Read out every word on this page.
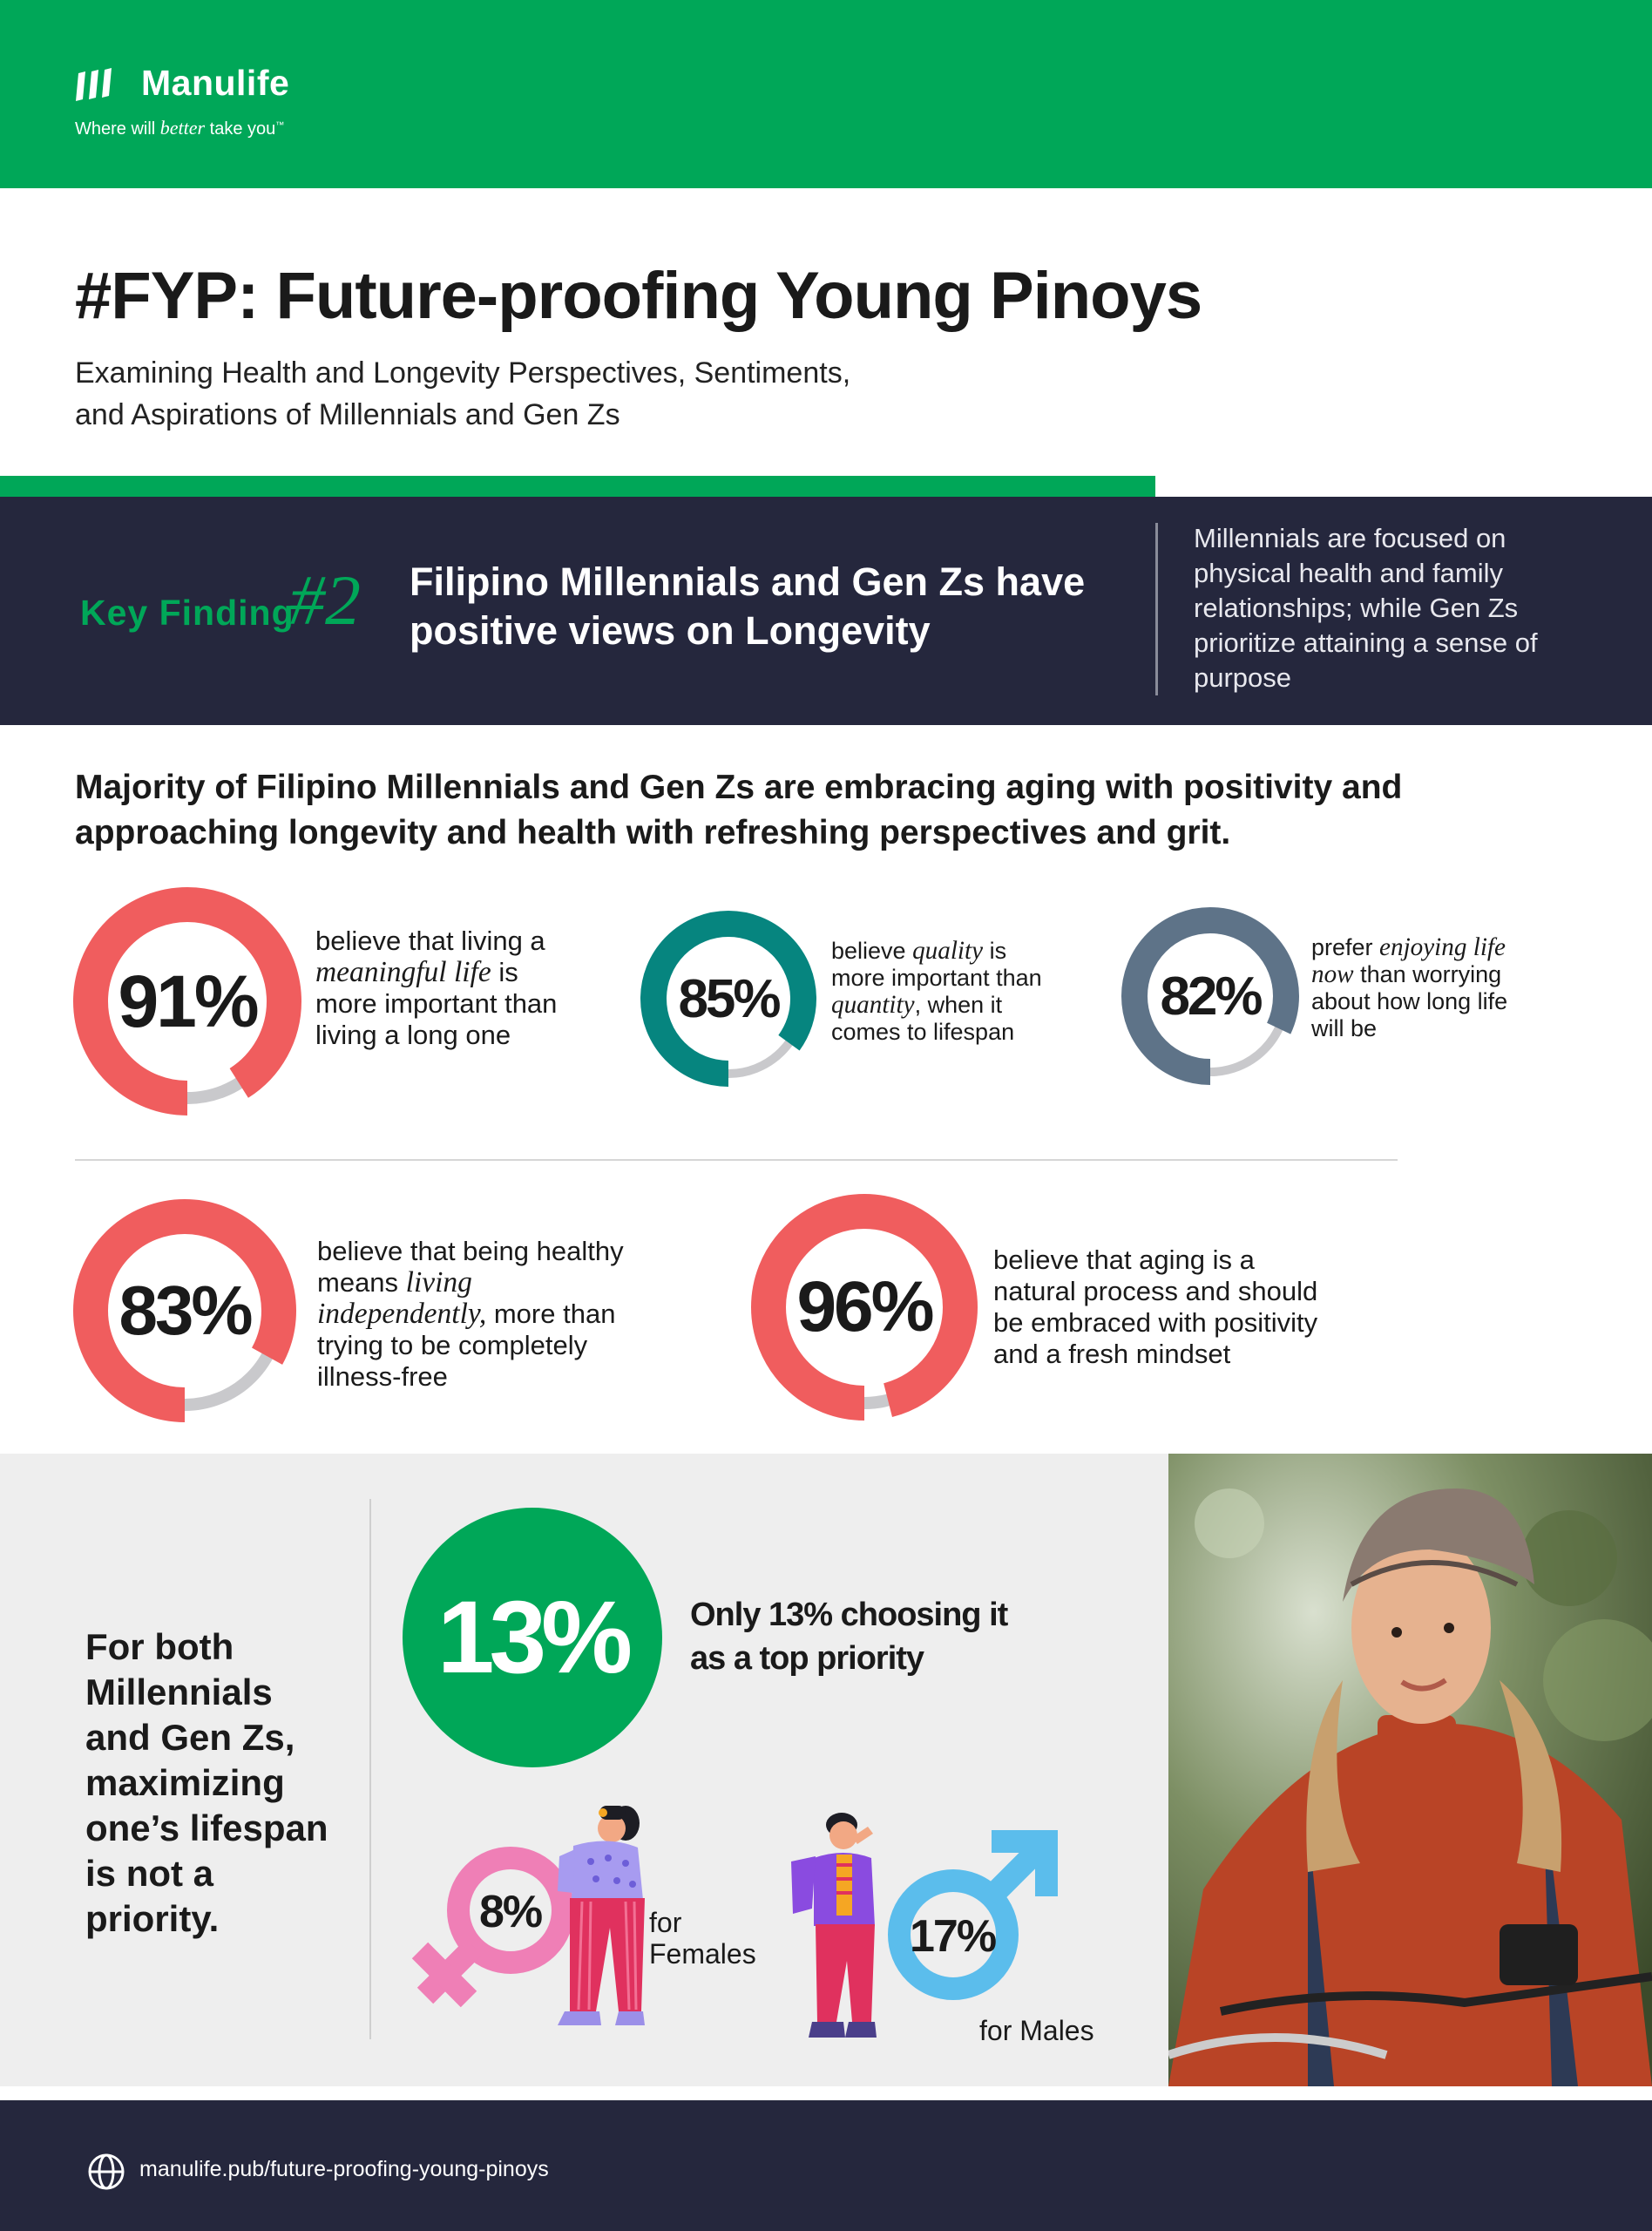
Manulife
Where will better take you™
#FYP: Future-proofing Young Pinoys
Examining Health and Longevity Perspectives, Sentiments,
and Aspirations of Millennials and Gen Zs
Key Finding
#2 Filipino Millennials and Gen Zs have
positive views on Longevity
Millennials are focused on physical health and family relationships; while Gen Zs prioritize attaining a sense of purpose
Majority of Filipino Millennials and Gen Zs are embracing aging with positivity and
approaching longevity and health with refreshing perspectives and grit.
91%
believe that living a
meaningful life is
more important than
living a long one
85%
believe quality is
more important than
quantity, when it
comes to lifespan
82%
prefer enjoying life
now than worrying
about how long life
will be
83%
believe that being healthy
means living
independently, more than
trying to be completely
illness-free
96%
believe that aging is a
natural process and should
be embraced with positivity
and a fresh mindset
For both Millennials and Gen Zs, maximizing one’s lifespan is not a priority.
13% Only 13% choosing it
as a top priority
8%	for
Females	17%
for Males
manulife.pub/future-proofing-young-pinoys
